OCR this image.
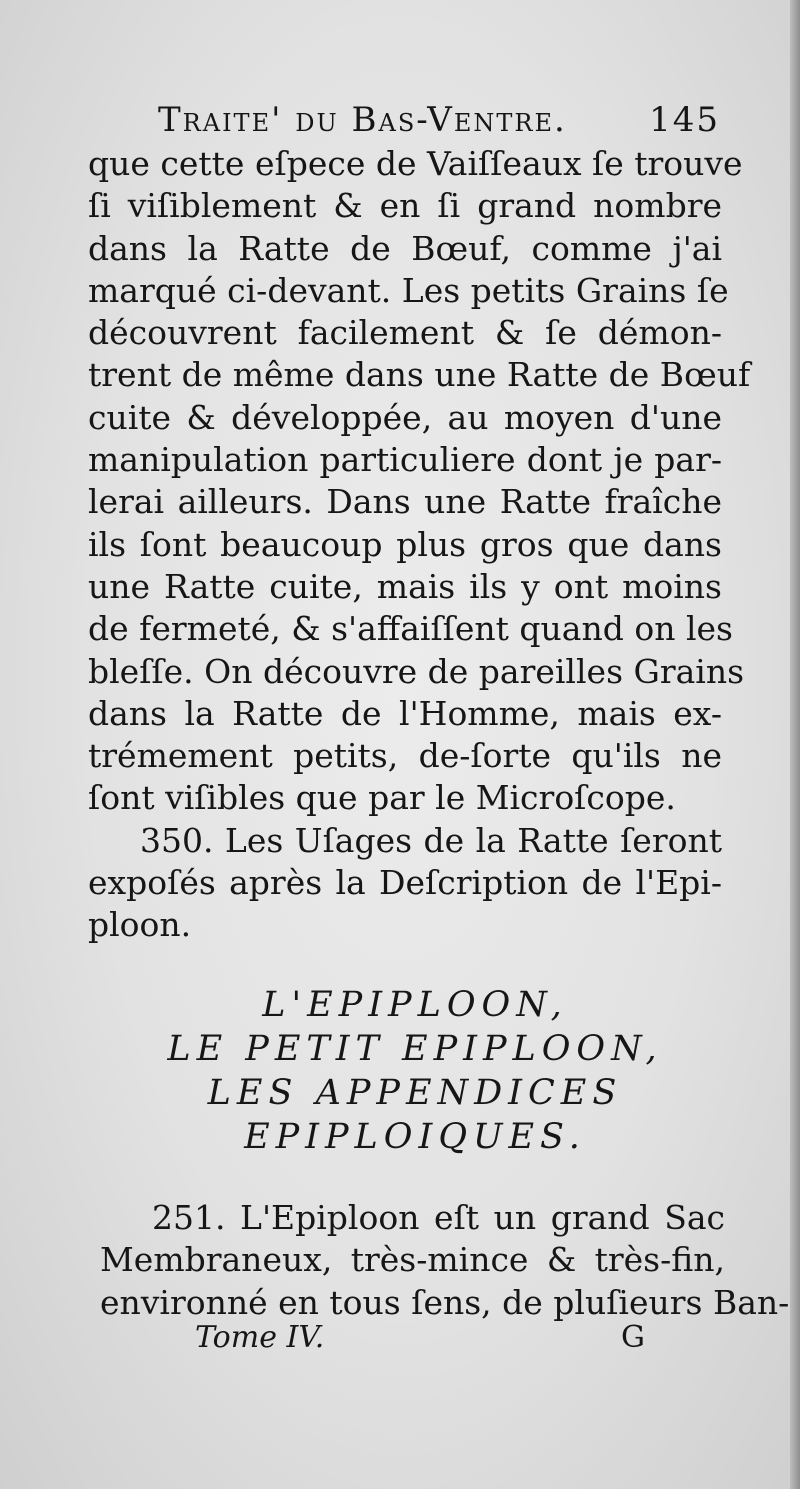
Traite' du Bas-Ventre. 145
que cette eſpece de Vaiſſeaux ſe trouve
ſi viſiblement & en ſi grand nombre
dans la Ratte de Bœuf, comme j'ai
marqué ci-devant. Les petits Grains ſe
découvrent facilement & ſe démon-
trent de même dans une Ratte de Bœuf
cuite & développée, au moyen d'une
manipulation particuliere dont je par-
lerai ailleurs. Dans une Ratte fraîche
ils ſont beaucoup plus gros que dans
une Ratte cuite, mais ils y ont moins
de fermeté, & s'affaiſſent quand on les
bleſſe. On découvre de pareilles Grains
dans la Ratte de l'Homme, mais ex-
trémement petits, de-ſorte qu'ils ne
ſont viſibles que par le Microſcope.
350. Les Uſages de la Ratte ſeront
expoſés après la Deſcription de l'Epi-
ploon.
L'EPIPLOON,
LE PETIT EPIPLOON,
LES APPENDICES
EPIPLOIQUES.
251. L'Epiploon eſt un grand Sac
Membraneux, très-mince & très-fin,
environné en tous ſens, de pluſieurs Ban-
Tome IV.	G
